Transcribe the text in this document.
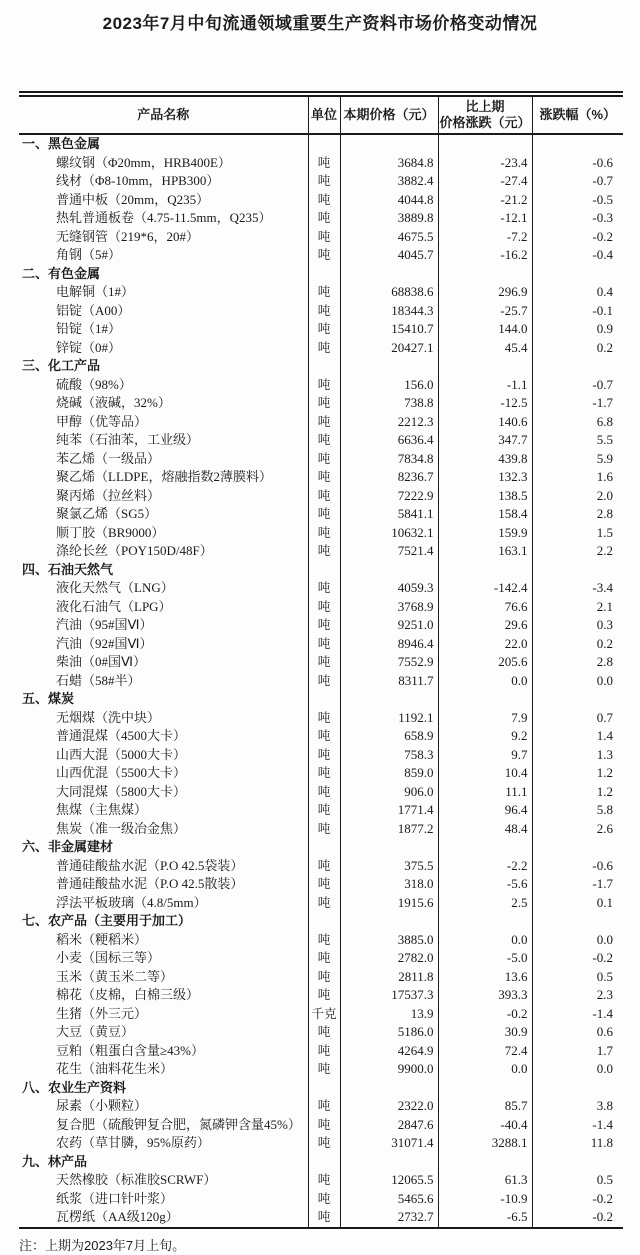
2023年7月中旬流通领域重要生产资料市场价格变动情况
产品名称	单位	本期价格（元）	比上期
价格涨跌（元）	涨跌幅（%）
一、黑色金属				
螺纹钢（Φ20mm，HRB400E）	吨	3684.8	-23.4	-0.6
线材（Φ8-10mm，HPB300）	吨	3882.4	-27.4	-0.7
普通中板（20mm，Q235）	吨	4044.8	-21.2	-0.5
热轧普通板卷（4.75-11.5mm，Q235）	吨	3889.8	-12.1	-0.3
无缝钢管（219*6，20#）	吨	4675.5	-7.2	-0.2
角钢（5#）	吨	4045.7	-16.2	-0.4
二、有色金属				
电解铜（1#）	吨	68838.6	296.9	0.4
铝锭（A00）	吨	18344.3	-25.7	-0.1
铅锭（1#）	吨	15410.7	144.0	0.9
锌锭（0#）	吨	20427.1	45.4	0.2
三、化工产品				
硫酸（98%）	吨	156.0	-1.1	-0.7
烧碱（液碱，32%）	吨	738.8	-12.5	-1.7
甲醇（优等品）	吨	2212.3	140.6	6.8
纯苯（石油苯，工业级）	吨	6636.4	347.7	5.5
苯乙烯（一级品）	吨	7834.8	439.8	5.9
聚乙烯（LLDPE，熔融指数2薄膜料）	吨	8236.7	132.3	1.6
聚丙烯（拉丝料）	吨	7222.9	138.5	2.0
聚氯乙烯（SG5）	吨	5841.1	158.4	2.8
顺丁胶（BR9000）	吨	10632.1	159.9	1.5
涤纶长丝（POY150D/48F）	吨	7521.4	163.1	2.2
四、石油天然气				
液化天然气（LNG）	吨	4059.3	-142.4	-3.4
液化石油气（LPG）	吨	3768.9	76.6	2.1
汽油（95#国Ⅵ）	吨	9251.0	29.6	0.3
汽油（92#国Ⅵ）	吨	8946.4	22.0	0.2
柴油（0#国Ⅵ）	吨	7552.9	205.6	2.8
石蜡（58#半）	吨	8311.7	0.0	0.0
五、煤炭				
无烟煤（洗中块）	吨	1192.1	7.9	0.7
普通混煤（4500大卡）	吨	658.9	9.2	1.4
山西大混（5000大卡）	吨	758.3	9.7	1.3
山西优混（5500大卡）	吨	859.0	10.4	1.2
大同混煤（5800大卡）	吨	906.0	11.1	1.2
焦煤（主焦煤）	吨	1771.4	96.4	5.8
焦炭（准一级冶金焦）	吨	1877.2	48.4	2.6
六、非金属建材				
普通硅酸盐水泥（P.O 42.5袋装）	吨	375.5	-2.2	-0.6
普通硅酸盐水泥（P.O 42.5散装）	吨	318.0	-5.6	-1.7
浮法平板玻璃（4.8/5mm）	吨	1915.6	2.5	0.1
七、农产品（主要用于加工）				
稻米（粳稻米）	吨	3885.0	0.0	0.0
小麦（国标三等）	吨	2782.0	-5.0	-0.2
玉米（黄玉米二等）	吨	2811.8	13.6	0.5
棉花（皮棉，白棉三级）	吨	17537.3	393.3	2.3
生猪（外三元）	千克	13.9	-0.2	-1.4
大豆（黄豆）	吨	5186.0	30.9	0.6
豆粕（粗蛋白含量≥43%）	吨	4264.9	72.4	1.7
花生（油料花生米）	吨	9900.0	0.0	0.0
八、农业生产资料				
尿素（小颗粒）	吨	2322.0	85.7	3.8
复合肥（硫酸钾复合肥，氮磷钾含量45%）	吨	2847.6	-40.4	-1.4
农药（草甘膦，95%原药）	吨	31071.4	3288.1	11.8
九、林产品				
天然橡胶（标准胶SCRWF）	吨	12065.5	61.3	0.5
纸浆（进口针叶浆）	吨	5465.6	-10.9	-0.2
瓦楞纸（AA级120g）	吨	2732.7	-6.5	-0.2
注：上期为2023年7月上旬。
